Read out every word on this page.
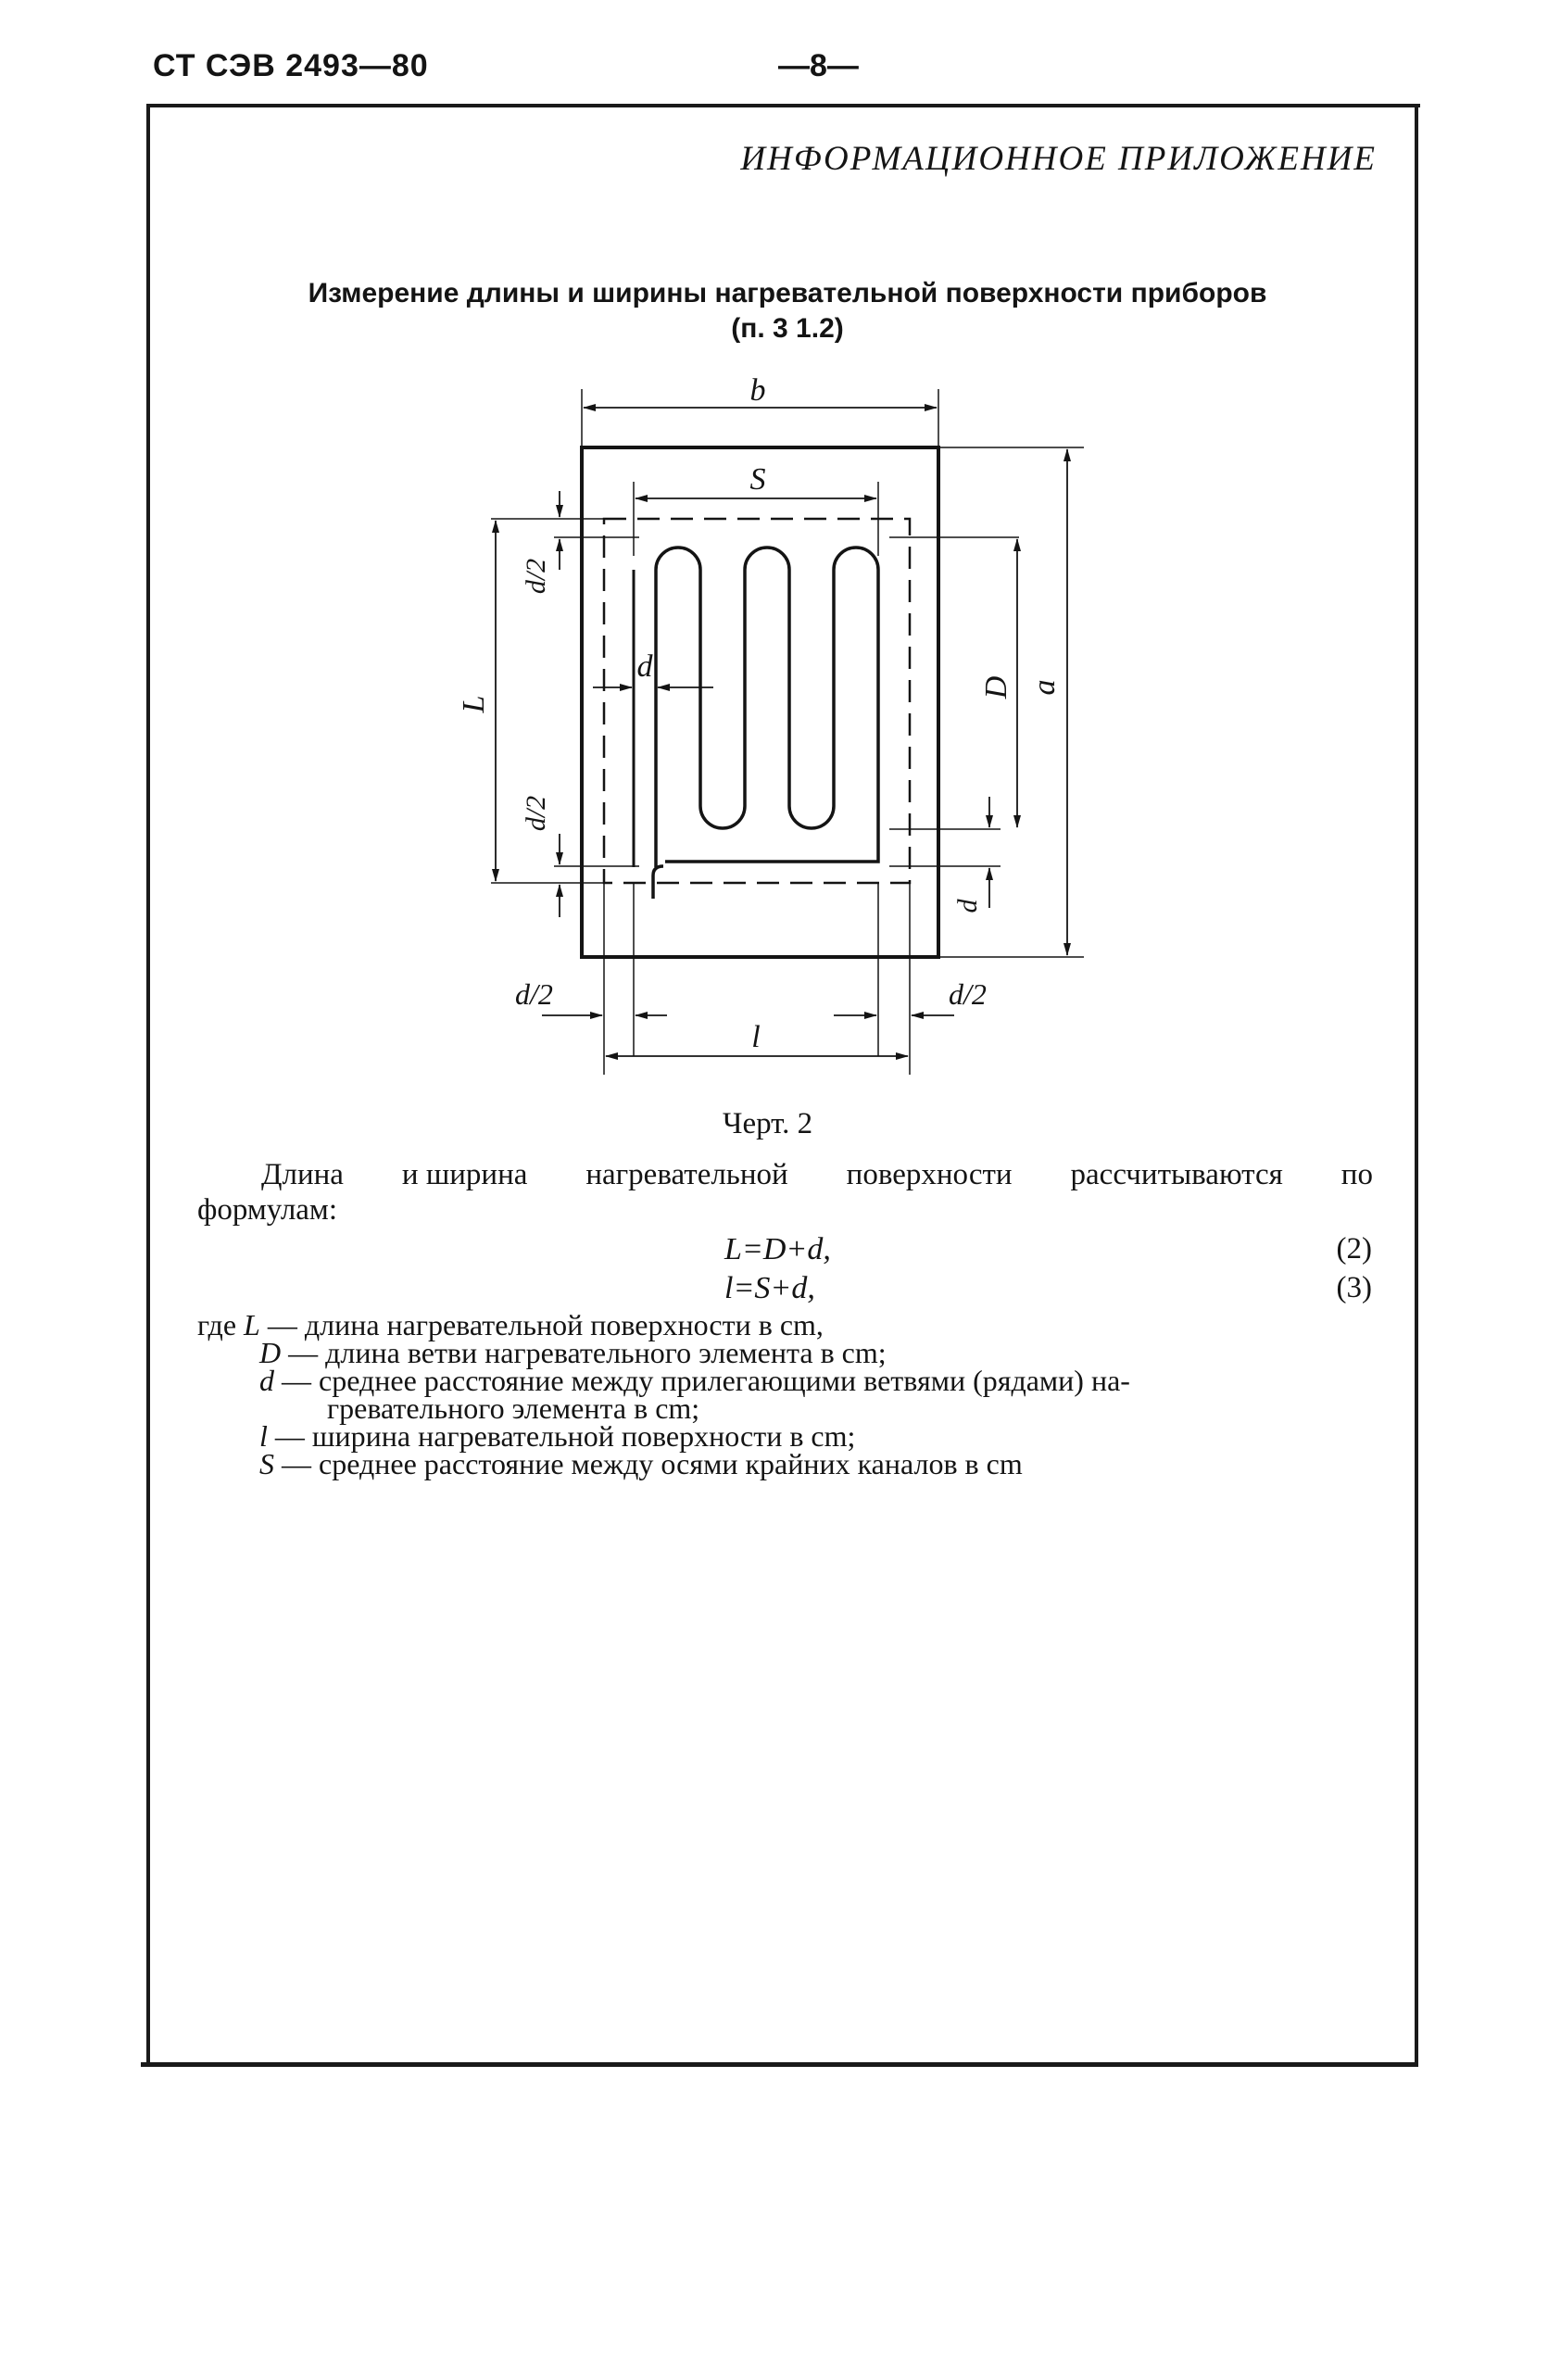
СТ СЭВ 2493—80	—8—
ИНФОРМАЦИОННОЕ ПРИЛОЖЕНИЕ
Измерение длины и ширины нагревательной поверхности приборов
(п. 3 1.2)
b
S
d
a
D
L
d/2
d/2
d
d/2	d/2
l
Черт. 2
Длина и ширина нагревательной поверхности рассчитываются по
формулам:
L=D+d,	(2)
l=S+d,	(3)
где L — длина нагревательной поверхности в cm,
D — длина ветви нагревательного элемента в cm;
d — среднее расстояние между прилегающими ветвями (рядами) на-
гревательного элемента в cm;
l — ширина нагревательной поверхности в cm;
S — среднее расстояние между осями крайних каналов в cm
